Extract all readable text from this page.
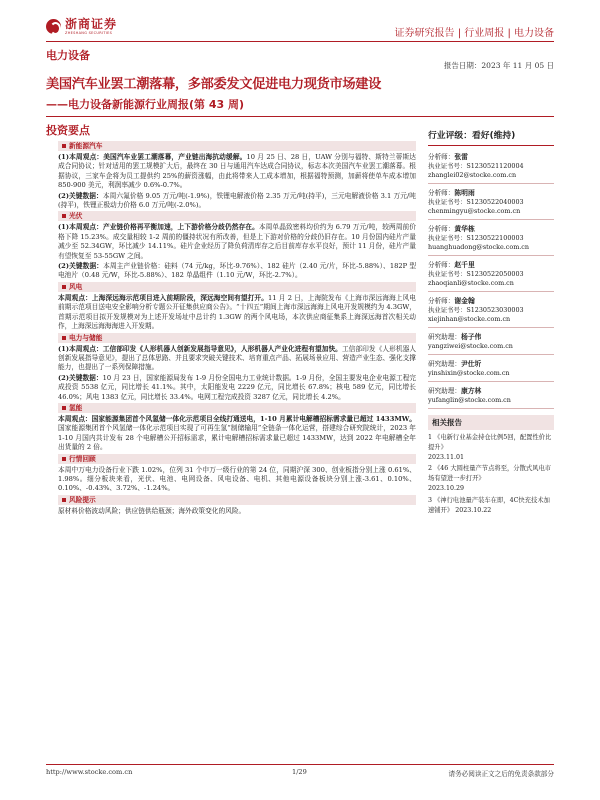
浙商证券
ZHESHANG SECURITIES	证券研究报告 | 行业周报 | 电力设备
电力设备
报告日期：2023 年 11 月 05 日
美国汽车业罢工潮落幕，多部委发文促进电力现货市场建设
——电力设备新能源行业周报(第 43 周)
投资要点
新能源汽车

(1)本周观点：美国汽车业罢工潮落幕，产业链出海抗动缓解。10 月 25 日、28 日，UAW 分别与福特、斯特兰蒂斯达成合同协议；针对适用的罢工规模扩大后，最终在 30 日与通用汽车达成合同协议，标志本次美国汽车业罢工潮落幕。根据协议，三家车企将为员工提供约 25%的薪资涨幅，由此将带来人工成本增加，根据福特预测，加薪将使单车成本增加 850-900 美元，利润率减少 0.6%-0.7%。

(2)关键数据：本周六氟价格 9.05 万元/吨(-1.9%)，铁锂电解液价格 2.35 万元/吨(持平)，三元电解液价格 3.1 万元/吨(持平)，铁锂正极动力价格 6.0 万元/吨(-2.0%)。

光伏

(1)本周观点：产业链价格再平衡加速，上下游价格分歧仍然存在。本周单晶致密料均价约为 6.79 万元/吨，较两周前价格下降 15.23%。成交量相较 1-2 周前的僵持状况有所改善，但是上下游对价格的分歧仍旧存在。10 月份国内硅片产量减少至 52.34GW，环比减少 14.11%。硅片企业经历了降负荷清库存之后目前库存水平良好，预计 11 月份，硅片产量有望恢复至 53-55GW 之间。

(2)关键数据：本周主产业链价格：硅料（74 元/kg，环比-9.76%）、182 硅片（2.40 元/片，环比-5.88%）、182P 型电池片（0.48 元/W，环比-5.88%）、182 单晶组件（1.10 元/W，环比-2.7%）。

风电

本周观点：上海深远海示范项目进入前期阶段，深远海空间有望打开。11 月 2 日，上海院发布《上海市深远海海上风电前期示范项目送电安全影响分析专题公开征集供应商公告》。“十四五”期间上海市深远海海上风电开发规模约为 4.3GW，首期示范项目拟开发规模对为上述开发场址中总计约 1.3GW 的两个风电场，本次供应商征集系上海深远海首次相关动作，上海深远海海海进入开发期。

电力与储能

(1)本周观点：工信部印发《人形机器人创新发展指导意见》，人形机器人产业化进程有望加快。工信部印发《人形机器人创新发展指导意见》，提出了总体思路、并且要求突破关键技术、培育重点产品、拓展场景应用、营造产业生态、强化支撑能力，也提出了一系列保障措施。

(2)关键数据：10 月 23 日，国家能源局发布 1-9 月份全国电力工业统计数据。1-9 月份，全国主要发电企业电源工程完成投资 5538 亿元，同比增长 41.1%。其中，太阳能发电 2229 亿元，同比增长 67.8%；核电 589 亿元，同比增长 46.0%；风电 1383 亿元，同比增长 33.4%。电网工程完成投资 3287 亿元，同比增长 4.2%。

氢能

本周观点：国家能源集团首个风氢储一体化示范项目全线打通送电，1-10 月累计电解槽招标需求量已超过 1433MW。国家能源集团首个风氢储一体化示范项目实现了可再生氢“制储输用”全链条一体化运营，搭建综合研究院统计，2023 年 1-10 月国内共计发布 28 个电解槽公开招标需求，累计电解槽招标需求量已超过 1433MW，达到 2022 年电解槽全年出货量的 2 倍。

行情回顾

本周中万电力设备行业下跌 1.02%，位列 31 个申万一级行业的第 24 位，同期沪深 300、创业板指分别上涨 0.61%、1.98%。细分板块来看，光伏、电池、电网设备、风电设备、电机、其他电源设备板块分别上涨-3.61、0.10%、0.10%、-0.43%、3.72%、-1.24%。

风险提示

原材料价格波动风险；供应链供给瓶颈；海外政策变化的风险。

行业评级：看好(维持)
分析师：张雷
执业证书号：S1230521120004
zhanglei02@stocke.com.cn
分析师：陈明雨
执业证书号：S1230522040003
chenmingyu@stocke.com.cn
分析师：黄华栋
执业证书号：S1230522100003
huanghuadong@stocke.com.cn
分析师：赵千里
执业证书号：S1230522050003
zhaoqianli@stocke.com.cn
分析师：谢金翰
执业证书号：S1230523030003
xiejinhan@stocke.com.cn
研究助理：杨子伟
yangziwei@stocke.com.cn
研究助理：尹仕圻
yinshixin@stocke.com.cn
研究助理：康方林
yufanglin@stocke.com.cn
相关报告
1 《电新行业基金持仓比例5回，配置性价比提升》
2023.11.01
2 《46 大圆柱量产节点将至，分散式风电市场有望进一步打开》
2023.10.29
3 《神行电池量产装车在即，4C快充技术加速铺开》 2023.10.22
http://www.stocke.com.cn	1/29	请务必阅读正文之后的免责条款部分
